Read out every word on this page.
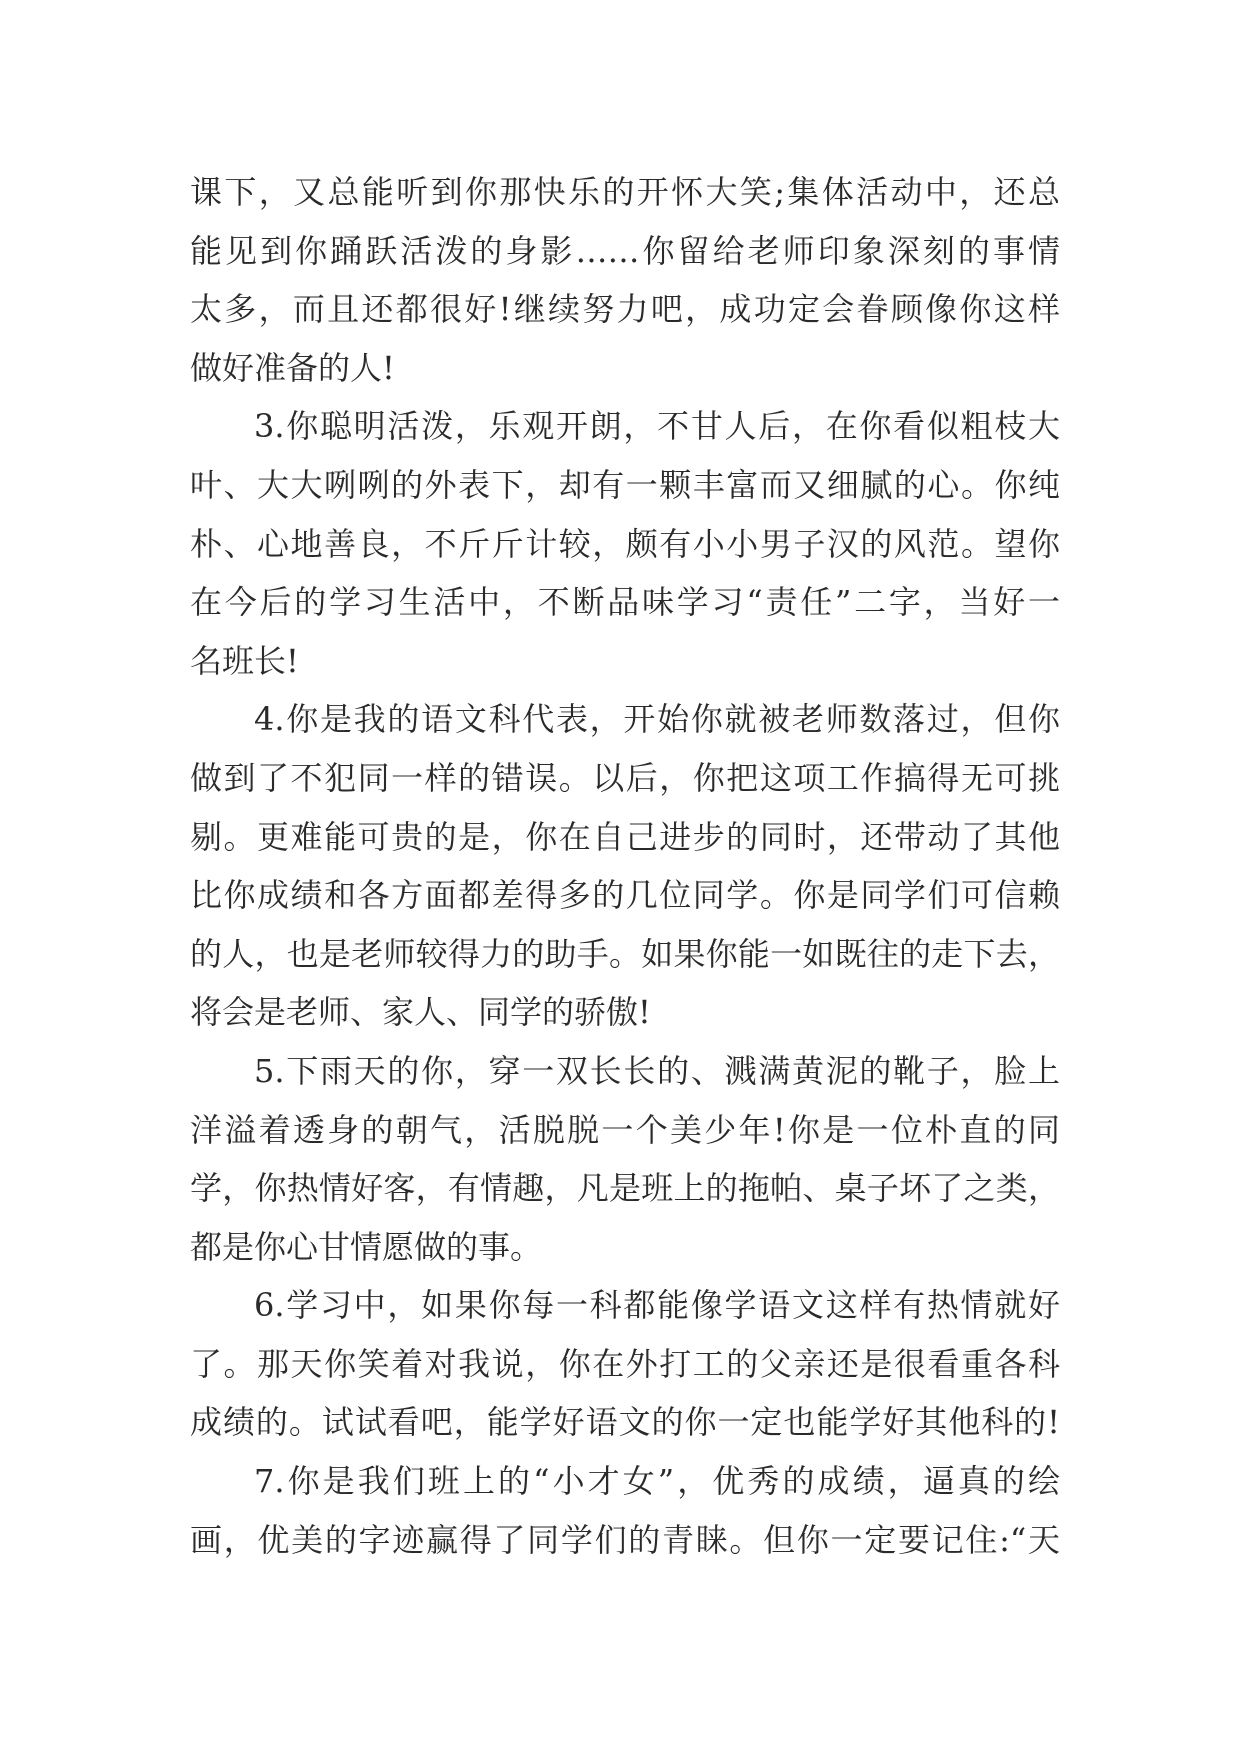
课下，又总能听到你那快乐的开怀大笑;集体活动中，还总
能见到你踊跃活泼的身影……你留给老师印象深刻的事情
太多，而且还都很好!继续努力吧，成功定会眷顾像你这样
做好准备的人!
3.你聪明活泼，乐观开朗，不甘人后，在你看似粗枝大
叶、大大咧咧的外表下，却有一颗丰富而又细腻的心。你纯
朴、心地善良，不斤斤计较，颇有小小男子汉的风范。望你
在今后的学习生活中，不断品味学习“责任”二字，当好一
名班长!
4.你是我的语文科代表，开始你就被老师数落过，但你
做到了不犯同一样的错误。以后，你把这项工作搞得无可挑
剔。更难能可贵的是，你在自己进步的同时，还带动了其他
比你成绩和各方面都差得多的几位同学。你是同学们可信赖
的人，也是老师较得力的助手。如果你能一如既往的走下去，
将会是老师、家人、同学的骄傲!
5.下雨天的你，穿一双长长的、溅满黄泥的靴子，脸上
洋溢着透身的朝气，活脱脱一个美少年!你是一位朴直的同
学，你热情好客，有情趣，凡是班上的拖帕、桌子坏了之类，
都是你心甘情愿做的事。
6.学习中，如果你每一科都能像学语文这样有热情就好
了。那天你笑着对我说，你在外打工的父亲还是很看重各科
成绩的。试试看吧，能学好语文的你一定也能学好其他科的!
7.你是我们班上的“小才女”，优秀的成绩，逼真的绘
画，优美的字迹赢得了同学们的青睐。但你一定要记住:“天
